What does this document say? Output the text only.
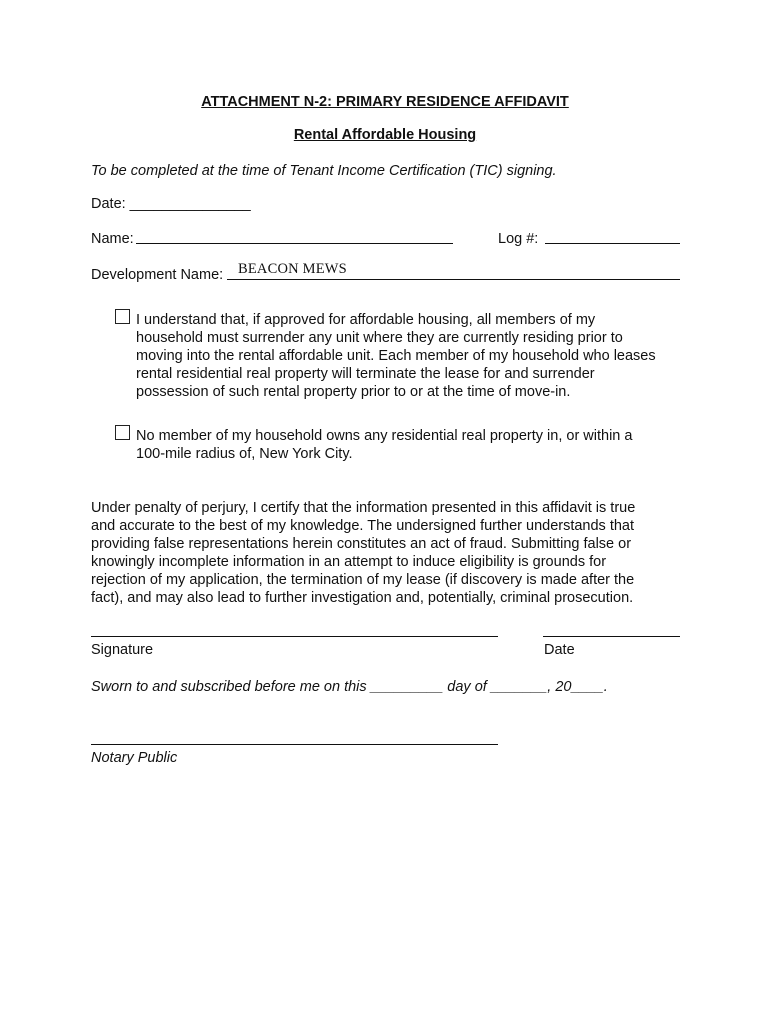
ATTACHMENT N-2: PRIMARY RESIDENCE AFFIDAVIT
Rental Affordable Housing
To be completed at the time of Tenant Income Certification (TIC) signing.
Date: _______________
Name:	Log #:
Development Name: BEACON MEWS
I understand that, if approved for affordable housing, all members of my
household must surrender any unit where they are currently residing prior to
moving into the rental affordable unit. Each member of my household who leases
rental residential real property will terminate the lease for and surrender
possession of such rental property prior to or at the time of move-in.
No member of my household owns any residential real property in, or within a
100-mile radius of, New York City.
Under penalty of perjury, I certify that the information presented in this affidavit is true
and accurate to the best of my knowledge. The undersigned further understands that
providing false representations herein constitutes an act of fraud. Submitting false or
knowingly incomplete information in an attempt to induce eligibility is grounds for
rejection of my application, the termination of my lease (if discovery is made after the
fact), and may also lead to further investigation and, potentially, criminal prosecution.
Signature	Date
Sworn to and subscribed before me on this _________ day of _______, 20____.
Notary Public
